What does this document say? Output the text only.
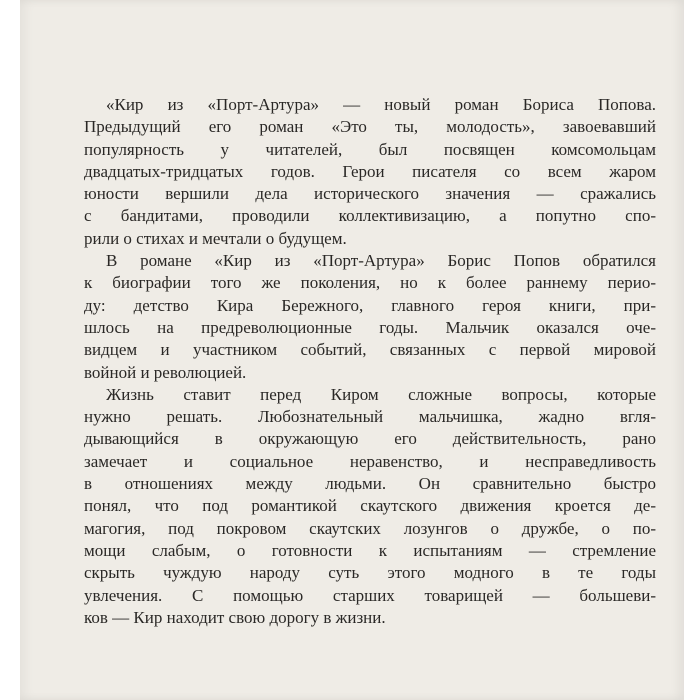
«Кир из «Порт-Артура» — новый роман Бориса Попова.
Предыдущий его роман «Это ты, молодость», завоевавший
популярность у читателей, был посвящен комсомольцам
двадцатых-тридцатых годов. Герои писателя со всем жаром
юности вершили дела исторического значения — сражались
с бандитами, проводили коллективизацию, а попутно спо-
рили о стихах и мечтали о будущем.
В романе «Кир из «Порт-Артура» Борис Попов обратился
к биографии того же поколения, но к более раннему перио-
ду: детство Кира Бережного, главного героя книги, при-
шлось на предреволюционные годы. Мальчик оказался оче-
видцем и участником событий, связанных с первой мировой
войной и революцией.
Жизнь ставит перед Киром сложные вопросы, которые
нужно решать. Любознательный мальчишка, жадно вгля-
дывающийся в окружающую его действительность, рано
замечает и социальное неравенство, и несправедливость
в отношениях между людьми. Он сравнительно быстро
понял, что под романтикой скаутского движения кроется де-
магогия, под покровом скаутских лозунгов о дружбе, о по-
мощи слабым, о готовности к испытаниям — стремление
скрыть чуждую народу суть этого модного в те годы
увлечения. С помощью старших товарищей — большеви-
ков — Кир находит свою дорогу в жизни.
